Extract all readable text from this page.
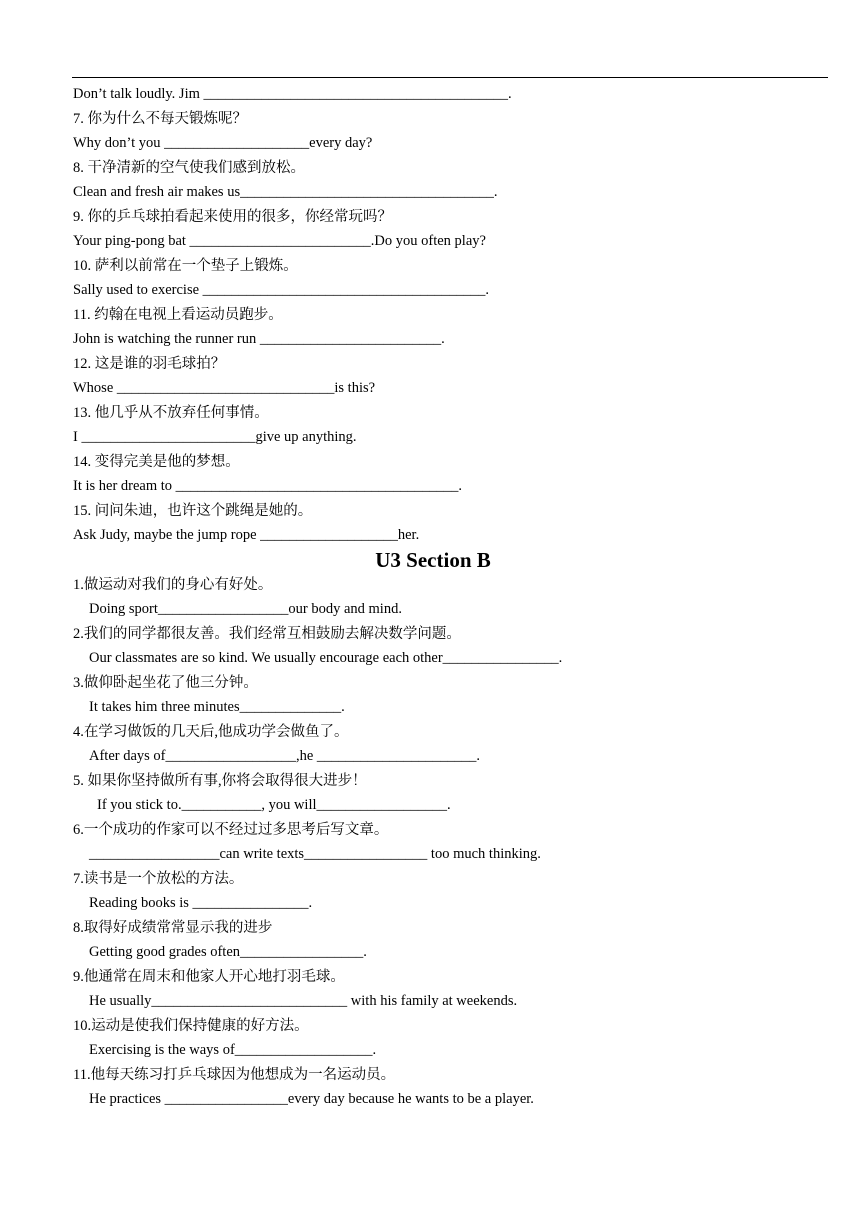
Don’t talk loudly. Jim __________________________________________.
7. 你为什么不每天锻炼呢？
Why don’t you ____________________every day?
8. 干净清新的空气使我们感到放松。
Clean and fresh air makes us___________________________________.
9. 你的乒乓球拍看起来使用的很多，你经常玩吗？
Your ping-pong bat _________________________.Do you often play?
10. 萨利以前常在一个垫子上锻炼。
Sally used to exercise _______________________________________.
11. 约翰在电视上看运动员跑步。
John is watching the runner run _________________________.
12. 这是谁的羽毛球拍？
Whose ______________________________is this?
13. 他几乎从不放弃任何事情。
I ________________________give up anything.
14. 变得完美是他的梦想。
It is her dream to _______________________________________.
15. 问问朱迪，也许这个跳绳是她的。
Ask Judy, maybe the jump rope ___________________her.
U3 Section B
1.做运动对我们的身心有好处。
Doing sport__________________our body and mind.
2.我们的同学都很友善。我们经常互相鼓励去解决数学问题。
Our classmates are so kind. We usually encourage each other________________.
3.做仰卧起坐花了他三分钟。
It takes him three minutes______________.
4.在学习做饭的几天后,他成功学会做鱼了。
After days of__________________,he ______________________.
5. 如果你坚持做所有事,你将会取得很大进步！
If you stick to.___________, you will__________________.
6.一个成功的作家可以不经过过多思考后写文章。
__________________can write texts_________________ too much thinking.
7.读书是一个放松的方法。
Reading books is ________________.
8.取得好成绩常常显示我的进步
Getting good grades often_________________.
9.他通常在周末和他家人开心地打羽毛球。
He usually___________________________ with his family at weekends.
10.运动是使我们保持健康的好方法。
Exercising is the ways of___________________.
11.他每天练习打乒乓球因为他想成为一名运动员。
He practices _________________every day because he wants to be a player.
